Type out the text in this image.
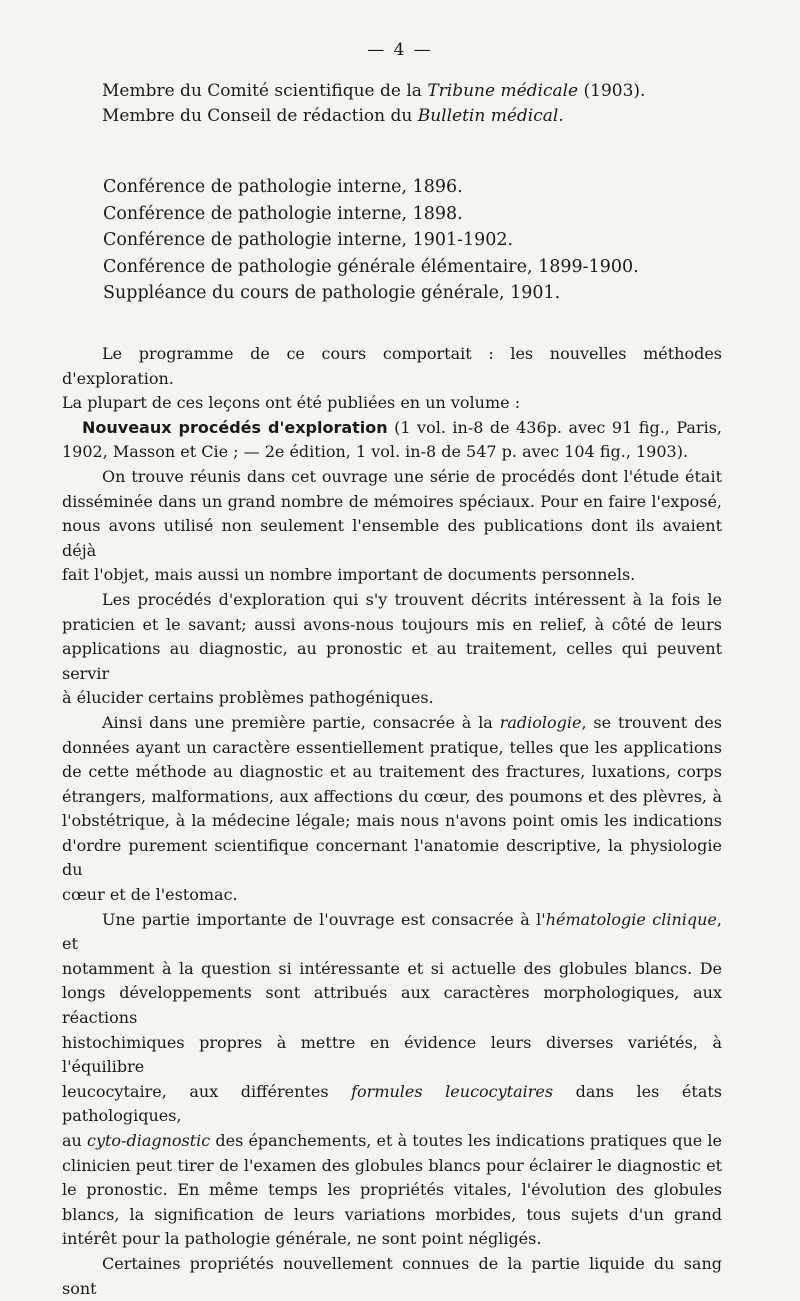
— 4 —
Membre du Comité scientifique de la Tribune médicale (1903).
Membre du Conseil de rédaction du Bulletin médical.
Conférence de pathologie interne, 1896.
Conférence de pathologie interne, 1898.
Conférence de pathologie interne, 1901-1902.
Conférence de pathologie générale élémentaire, 1899-1900.
Suppléance du cours de pathologie générale, 1901.

Le programme de ce cours comportait : les nouvelles méthodes d'exploration.

La plupart de ces leçons ont été publiées en un volume :

Nouveaux procédés d'exploration (1 vol. in-8 de 436p. avec 91 fig., Paris,

1902, Masson et Cie ; — 2e édition, 1 vol. in-8 de 547 p. avec 104 fig., 1903).

On trouve réunis dans cet ouvrage une série de procédés dont l'étude était

disséminée dans un grand nombre de mémoires spéciaux. Pour en faire l'exposé,

nous avons utilisé non seulement l'ensemble des publications dont ils avaient déjà

fait l'objet, mais aussi un nombre important de documents personnels.

Les procédés d'exploration qui s'y trouvent décrits intéressent à la fois le

praticien et le savant; aussi avons-nous toujours mis en relief, à côté de leurs

applications au diagnostic, au pronostic et au traitement, celles qui peuvent servir

à élucider certains problèmes pathogéniques.

Ainsi dans une première partie, consacrée à la radiologie, se trouvent des

données ayant un caractère essentiellement pratique, telles que les applications

de cette méthode au diagnostic et au traitement des fractures, luxations, corps

étrangers, malformations, aux affections du cœur, des poumons et des plèvres, à

l'obstétrique, à la médecine légale; mais nous n'avons point omis les indications

d'ordre purement scientifique concernant l'anatomie descriptive, la physiologie du

cœur et de l'estomac.

Une partie importante de l'ouvrage est consacrée à l'hématologie clinique, et

notamment à la question si intéressante et si actuelle des globules blancs. De

longs développements sont attribués aux caractères morphologiques, aux réactions

histochimiques propres à mettre en évidence leurs diverses variétés, à l'équilibre

leucocytaire, aux différentes formules leucocytaires dans les états pathologiques,

au cyto-diagnostic des épanchements, et à toutes les indications pratiques que le

clinicien peut tirer de l'examen des globules blancs pour éclairer le diagnostic et

le pronostic. En même temps les propriétés vitales, l'évolution des globules

blancs, la signification de leurs variations morbides, tous sujets d'un grand

intérêt pour la pathologie générale, ne sont point négligés.

Certaines propriétés nouvellement connues de la partie liquide du sang sont
